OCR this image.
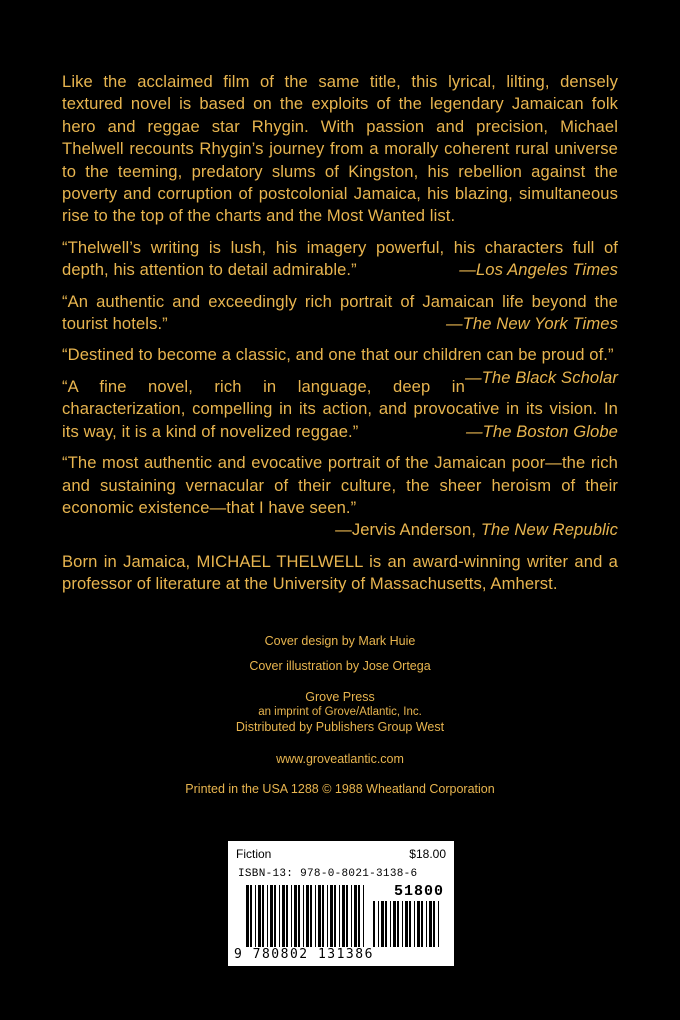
Like the acclaimed film of the same title, this lyrical, lilting, densely textured novel is based on the exploits of the legendary Jamaican folk hero and reggae star Rhygin. With passion and precision, Michael Thelwell recounts Rhygin’s journey from a morally coherent rural universe to the teeming, predatory slums of Kingston, his rebellion against the poverty and corruption of postcolonial Jamaica, his blazing, simultaneous rise to the top of the charts and the Most Wanted list.

“Thelwell’s writing is lush, his imagery powerful, his characters full of depth, his attention to detail admirable.”	—Los Angeles Times

“An authentic and exceedingly rich portrait of Jamaican life beyond the tourist hotels.”	—The New York Times

“Destined to become a classic, and one that our children can be proud of.”
—The Black Scholar

“A fine novel, rich in language, deep in characterization, compelling in its action, and provocative in its vision. In its way, it is a kind of novelized reggae.”	—The Boston Globe

“The most authentic and evocative portrait of the Jamaican poor—the rich and sustaining vernacular of their culture, the sheer heroism of their economic existence—that I have seen.”

—Jervis Anderson, The New Republic

Born in Jamaica, MICHAEL THELWELL is an award-winning writer and a professor of literature at the University of Massachusetts, Amherst.

Cover design by Mark Huie
Cover illustration by Jose Ortega
Grove Press
an imprint of Grove/Atlantic, Inc.
Distributed by Publishers Group West
www.groveatlantic.com
Printed in the USA 1288 © 1988 Wheatland Corporation
Fiction	$18.00
ISBN-13: 978-0-8021-3138-6
51800
9 780802 131386
